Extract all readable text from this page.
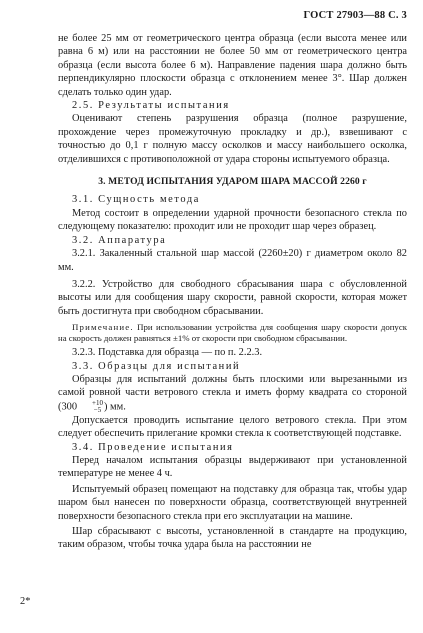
ГОСТ 27903—88 С. 3

не более 25 мм от геометрического центра образца (если высота менее или равна 6 м) или на расстоянии не более 50 мм от геометрического центра образца (если высота более 6 м). Направление падения шара должно быть перпендикулярно плоскости образца с отклонением менее 3°. Шар должен сделать только один удар.

2.5. Результаты испытания

Оценивают степень разрушения образца (полное разрушение, прохождение через промежуточную прокладку и др.), взвешивают с точностью до 0,1 г полную массу осколков и массу наибольшего осколка, отделившихся с противоположной от удара стороны испытуемого образца.

3. МЕТОД ИСПЫТАНИЯ УДАРОМ ШАРА МАССОЙ 2260 г

3.1. Сущность метода

Метод состоит в определении ударной прочности безопасного стекла по следующему показателю: проходит или не проходит шар через образец.

3.2. Аппаратура

3.2.1. Закаленный стальной шар массой (2260±20) г диаметром около 82 мм.

3.2.2. Устройство для свободного сбрасывания шара с обусловленной высоты или для сообщения шару скорости, равной скорости, которая может быть достигнута при свободном сбрасывании.

Примечание. При использовании устройства для сообщения шару скорости допуск на скорость должен равняться ±1% от скорости при свободном сбрасывании.

3.2.3. Подставка для образца — по п. 2.2.3.

3.3. Образцы для испытаний

Образцы для испытаний должны быть плоскими или вырезанными из самой ровной части ветрового стекла и иметь форму квадрата со стороной (300	+10
−5 ) мм.

Допускается проводить испытание целого ветрового стекла. При этом следует обеспечить прилегание кромки стекла к соответствующей подставке.

3.4. Проведение испытания

Перед началом испытания образцы выдерживают при установленной температуре не менее 4 ч.

Испытуемый образец помещают на подставку для образца так, чтобы удар шаром был нанесен по поверхности образца, соответствующей внутренней поверхности безопасного стекла при его эксплуатации на машине.

Шар сбрасывают с высоты, установленной в стандарте на продукцию, таким образом, чтобы точка удара была на расстоянии не

2*
